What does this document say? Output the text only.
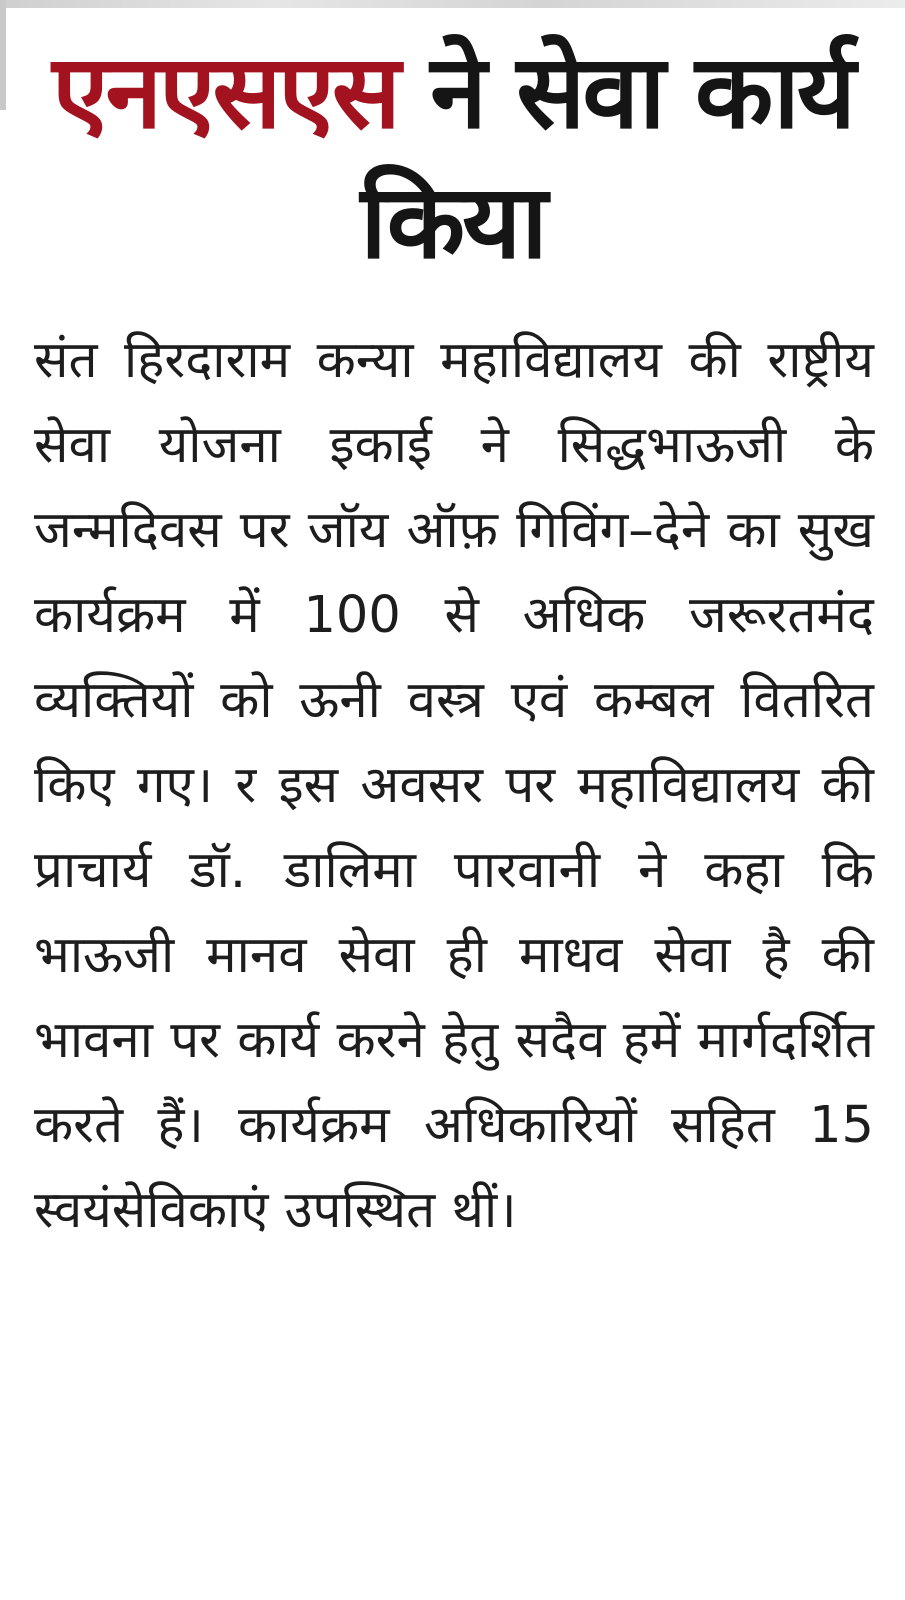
एनएसएस ने सेवा कार्य किया

संत हिरदाराम कन्या महाविद्यालय की राष्ट्रीय सेवा योजना इकाई ने सिद्धभाऊजी के जन्मदिवस पर जॉय ऑफ़ गिविंग–देने का सुख कार्यक्रम में 100 से अधिक जरूरतमंद व्यक्तियों को ऊनी वस्त्र एवं कम्बल वितरित किए गए। र इस अवसर पर महाविद्यालय की प्राचार्य डॉ. डालिमा पारवानी ने कहा कि भाऊजी मानव सेवा ही माधव सेवा है की भावना पर कार्य करने हेतु सदैव हमें मार्गदर्शित करते हैं। कार्यक्रम अधिकारियों सहित 15 स्वयंसेविकाएं उपस्थित थीं।
